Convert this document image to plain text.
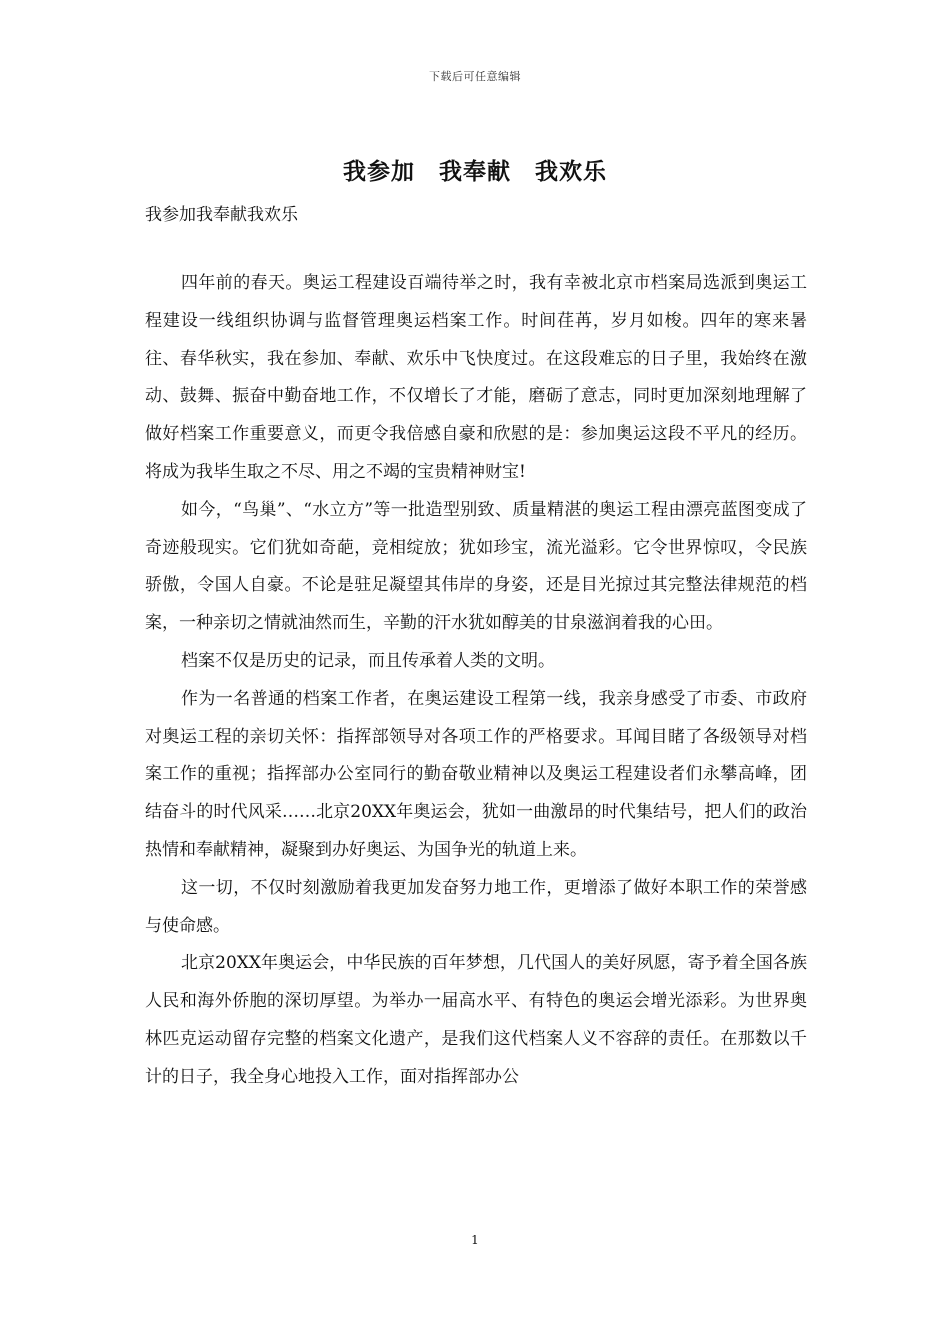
下载后可任意编辑
我参加　我奉献　我欢乐
我参加我奉献我欢乐

四年前的春天。奥运工程建设百端待举之时，我有幸被北京市档案局选派到奥运工程建设一线组织协调与监督管理奥运档案工作。时间荏苒，岁月如梭。四年的寒来暑往、春华秋实，我在参加、奉献、欢乐中飞快度过。在这段难忘的日子里，我始终在激动、鼓舞、振奋中勤奋地工作，不仅增长了才能，磨砺了意志，同时更加深刻地理解了做好档案工作重要意义，而更令我倍感自豪和欣慰的是：参加奥运这段不平凡的经历。将成为我毕生取之不尽、用之不竭的宝贵精神财宝!

如今，“鸟巢”、“水立方”等一批造型别致、质量精湛的奥运工程由漂亮蓝图变成了奇迹般现实。它们犹如奇葩，竞相绽放；犹如珍宝，流光溢彩。它令世界惊叹，令民族骄傲，令国人自豪。不论是驻足凝望其伟岸的身姿，还是目光掠过其完整法律规范的档案，一种亲切之情就油然而生，辛勤的汗水犹如醇美的甘泉滋润着我的心田。

档案不仅是历史的记录，而且传承着人类的文明。

作为一名普通的档案工作者，在奥运建设工程第一线，我亲身感受了市委、市政府对奥运工程的亲切关怀：指挥部领导对各项工作的严格要求。耳闻目睹了各级领导对档案工作的重视；指挥部办公室同行的勤奋敬业精神以及奥运工程建设者们永攀高峰，团结奋斗的时代风采……北京20XX年奥运会，犹如一曲激昂的时代集结号，把人们的政治热情和奉献精神，凝聚到办好奥运、为国争光的轨道上来。

这一切，不仅时刻激励着我更加发奋努力地工作，更增添了做好本职工作的荣誉感与使命感。

北京20XX年奥运会，中华民族的百年梦想，几代国人的美好夙愿，寄予着全国各族人民和海外侨胞的深切厚望。为举办一届高水平、有特色的奥运会增光添彩。为世界奥林匹克运动留存完整的档案文化遗产，是我们这代档案人义不容辞的责任。在那数以千计的日子，我全身心地投入工作，面对指挥部办公

1
